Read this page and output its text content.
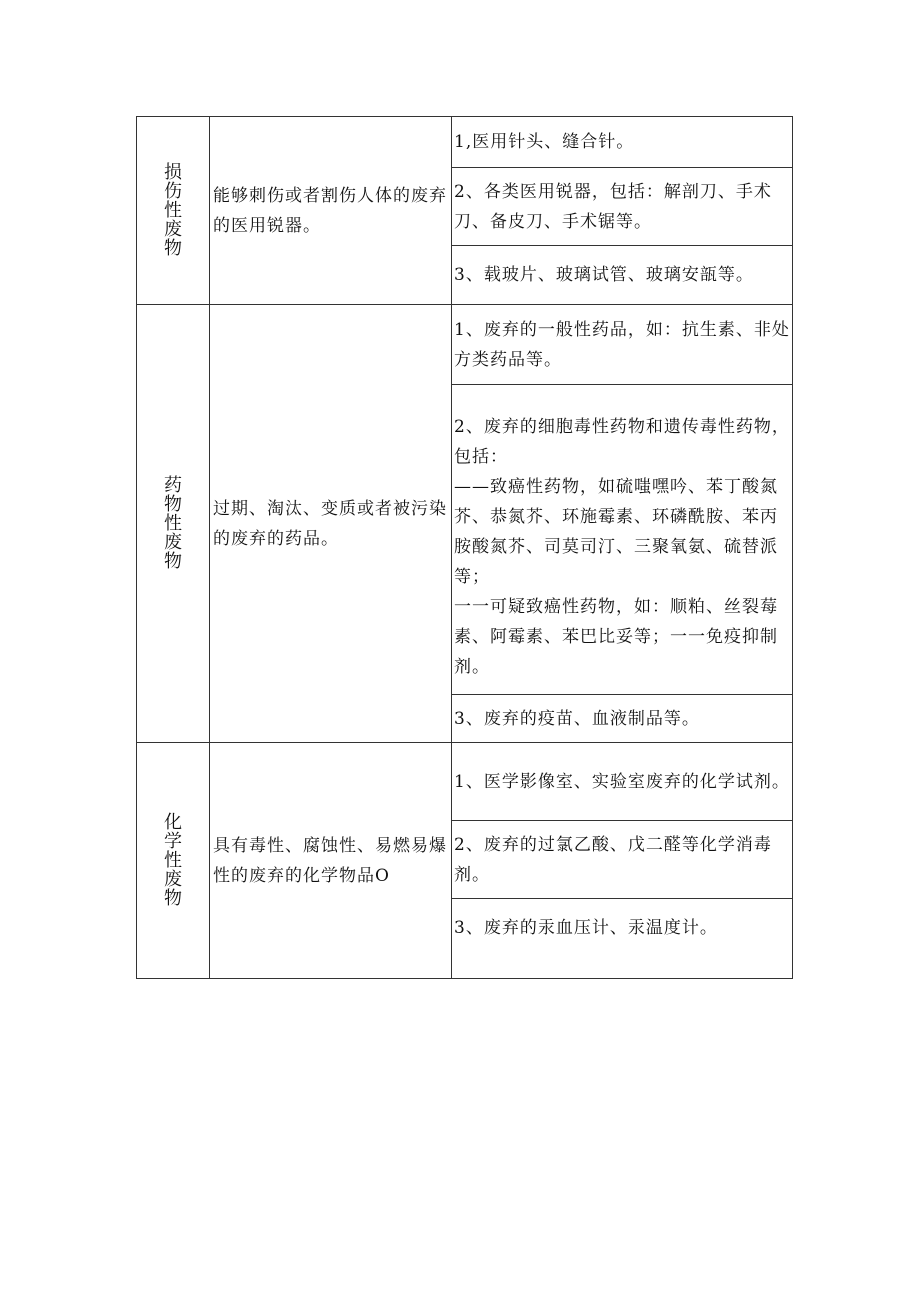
损伤性废物	能够刺伤或者割伤人体的废弃的医用锐器。	1,医用针头、缝合针。
2、各类医用锐器，包括：解剖刀、手术刀、备皮刀、手术锯等。
3、载玻片、玻璃试管、玻璃安瓿等。

药物性废物	过期、淘汰、变质或者被污染的废弃的药品。	1、废弃的一般性药品，如：抗生素、非处方类药品等。
2、废弃的细胞毒性药物和遗传毒性药物，包括：
——致癌性药物，如硫嗤嘿吟、苯丁酸氮芥、恭氮芥、环施霉素、环磷酰胺、苯丙胺酸氮芥、司莫司汀、三聚氧氨、硫替派等；
一一可疑致癌性药物，如：顺粕、丝裂莓素、阿霉素、苯巴比妥等；一一免疫抑制剂。
3、废弃的疫苗、血液制品等。

化学性废物	具有毒性、腐蚀性、易燃易爆性的废弃的化学物品O	1、医学影像室、实验室废弃的化学试剂。
2、废弃的过氯乙酸、戊二醛等化学消毒剂。
3、废弃的汞血压计、汞温度计。
